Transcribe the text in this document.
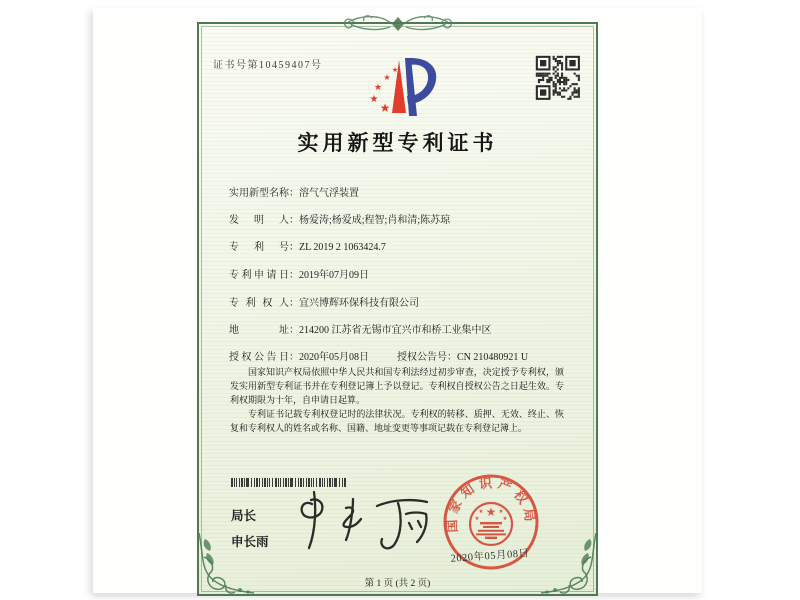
证书号第10459407号	★
★
★
★
★
实用新型专利证书
实用新型名称：溶气气浮装置
发明人：杨爱涛;杨爱成;程智;肖和清;陈苏琼
专利号：ZL 2019 2 1063424.7
专利申请日：2019年07月09日
专利权人：宜兴博辉环保科技有限公司
地址：214200 江苏省无锡市宜兴市和桥工业集中区
授权公告日：2020年05月08日	授权公告号：CN 210480921 U

国家知识产权局依照中华人民共和国专利法经过初步审查，决定授予专利权，颁发实用新型专利证书并在专利登记簿上予以登记。专利权自授权公告之日起生效。专利权期限为十年，自申请日起算。

专利证书记载专利权登记时的法律状况。专利权的转移、质押、无效、终止、恢复和专利权人的姓名或名称、国籍、地址变更等事项记载在专利登记簿上。

局长
申长雨
国家知识产权局
★
★	★
★	★
2020年05月08日
第 1 页 (共 2 页)
